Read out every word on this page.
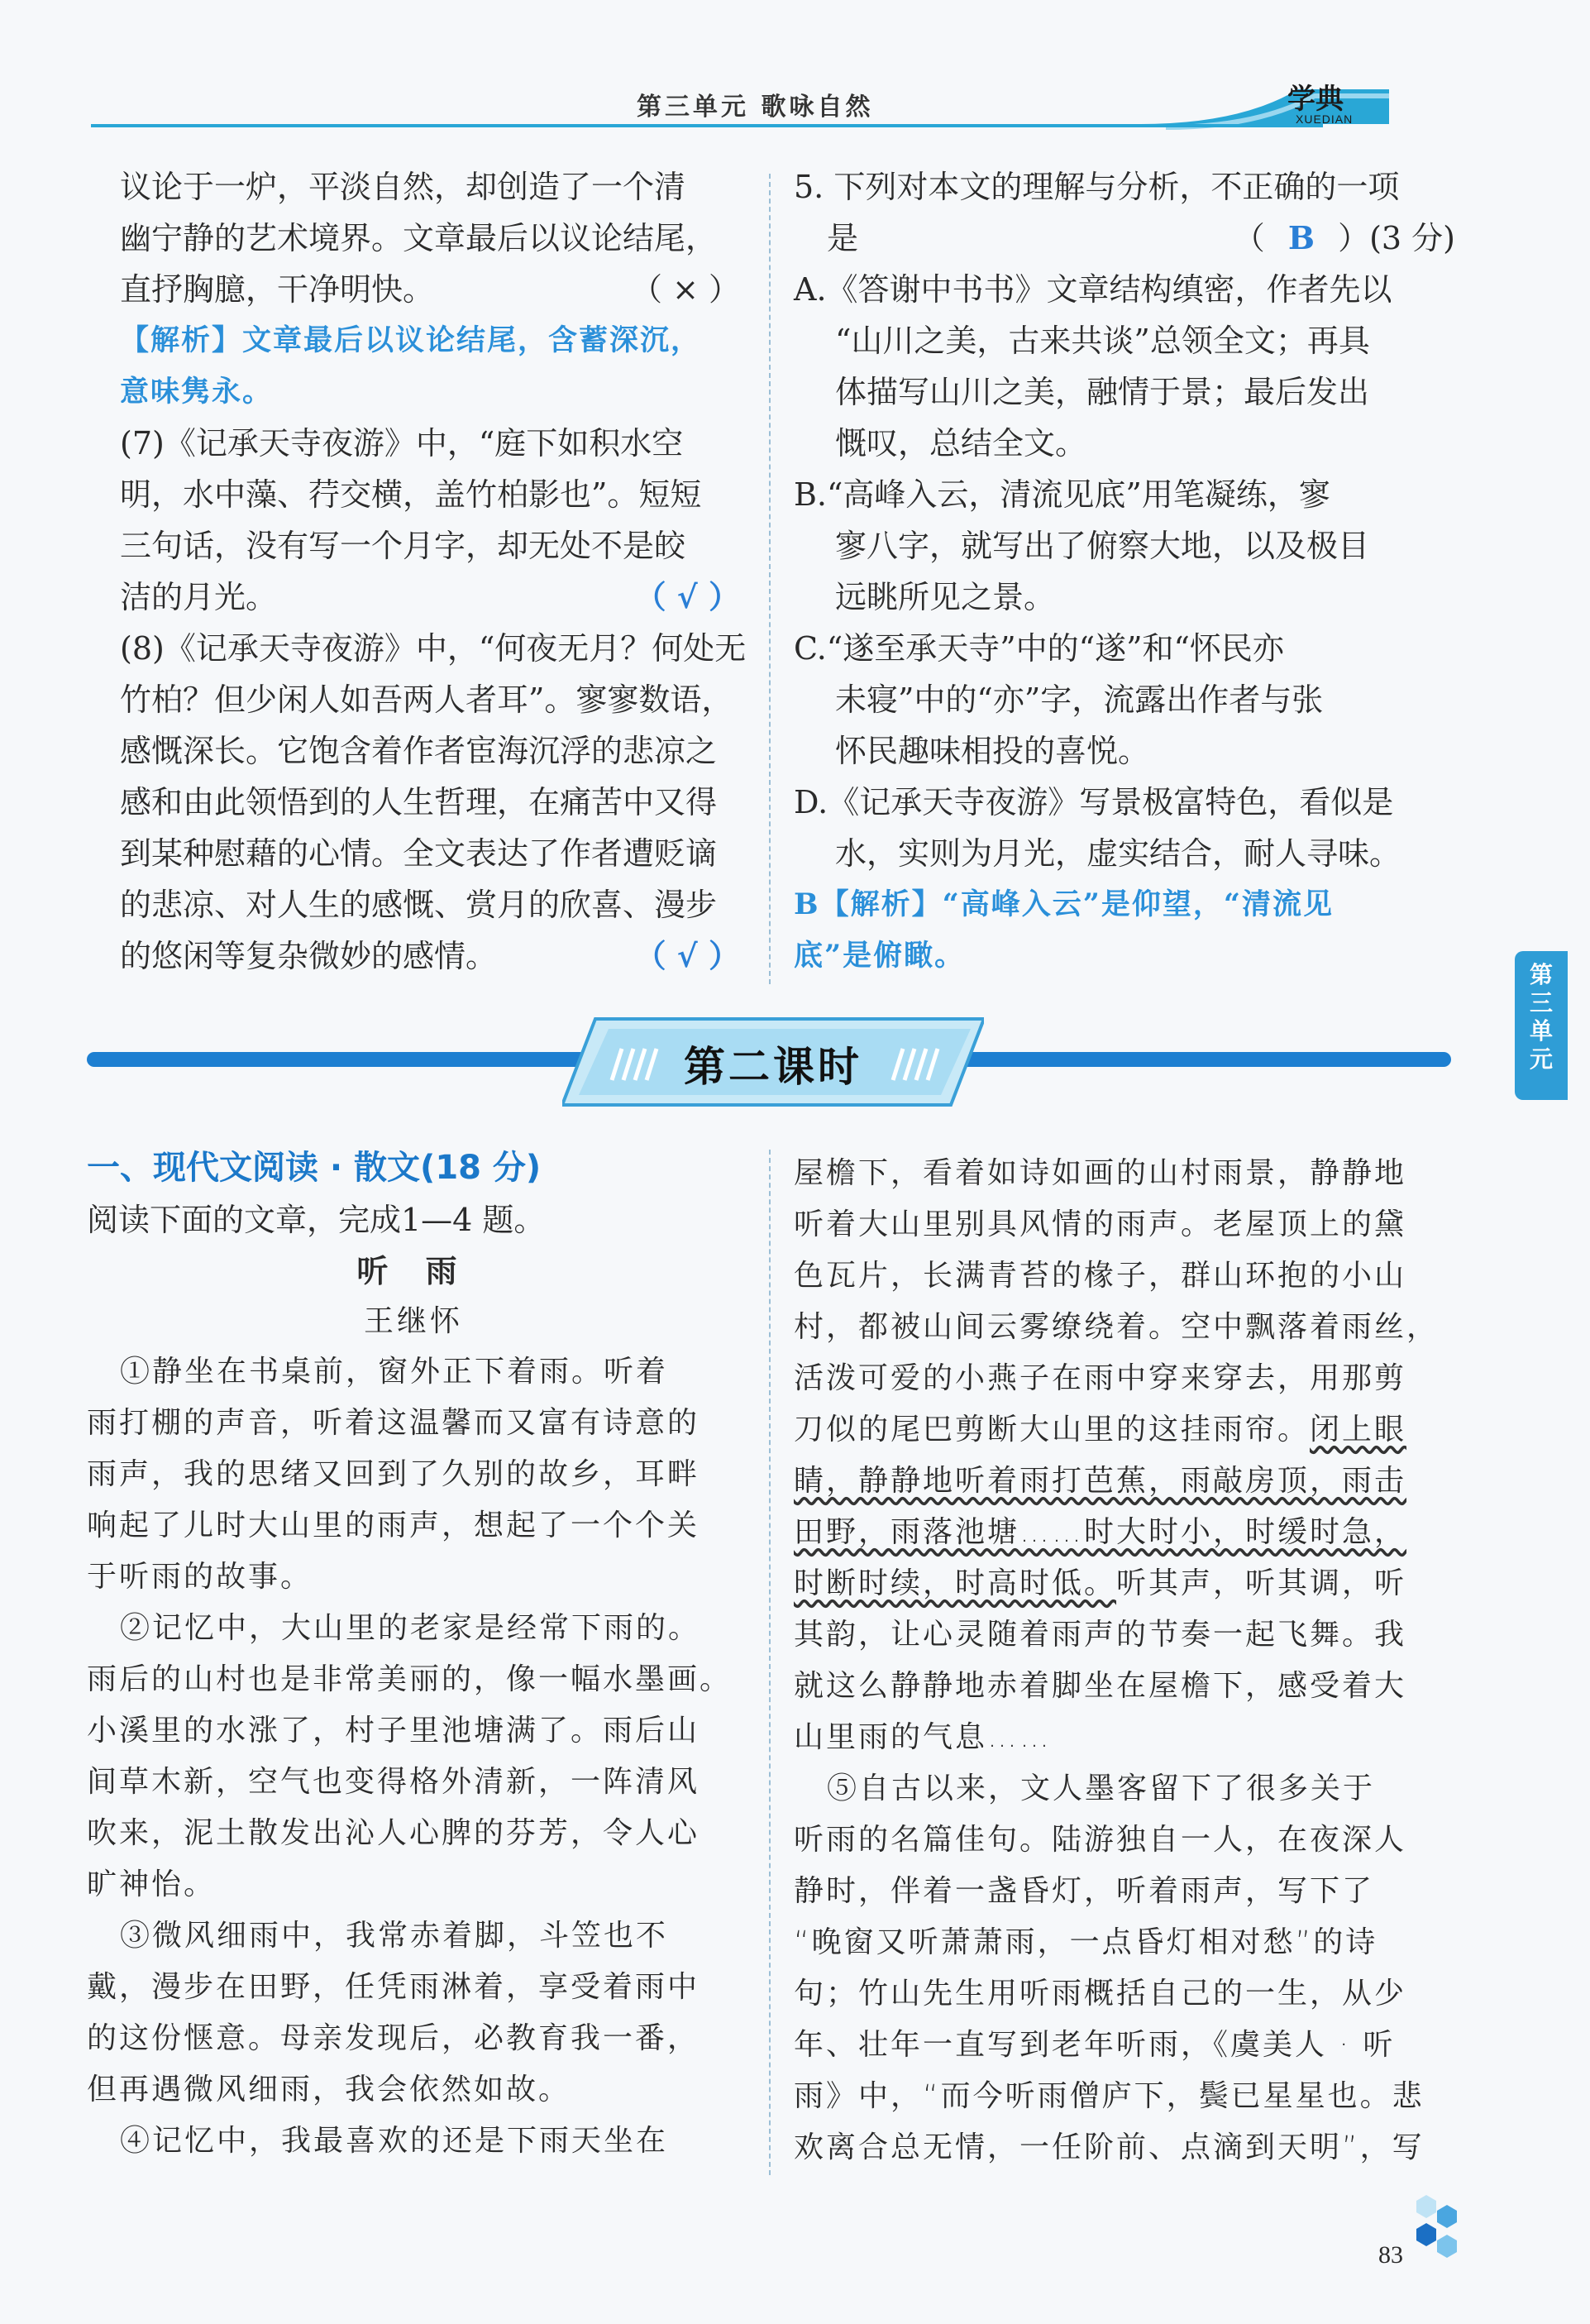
第三单元 歌咏自然	学典
XUEDIAN
议论于一炉，平淡自然，却创造了一个清
幽宁静的艺术境界。文章最后以议论结尾，
直抒胸臆，干净明快。	（ × ）
【解析】文章最后以议论结尾，含蓄深沉，
意味隽永。
(7)《记承天寺夜游》中，“庭下如积水空
明，水中藻、荇交横，盖竹柏影也”。短短
三句话，没有写一个月字，却无处不是皎
洁的月光。	（ √ ）
(8)《记承天寺夜游》中，“何夜无月？何处无
竹柏？但少闲人如吾两人者耳”。寥寥数语，
感慨深长。它饱含着作者宦海沉浮的悲凉之
感和由此领悟到的人生哲理，在痛苦中又得
到某种慰藉的心情。全文表达了作者遭贬谪
的悲凉、对人生的感慨、赏月的欣喜、漫步
的悠闲等复杂微妙的感情。	（ √ ）
5. 下列对本文的理解与分析，不正确的一项
是	（ B ）(3 分)
A.《答谢中书书》文章结构缜密，作者先以
“山川之美，古来共谈”总领全文；再具
体描写山川之美，融情于景；最后发出
慨叹，总结全文。
B.“高峰入云，清流见底”用笔凝练，寥
寥八字，就写出了俯察大地，以及极目
远眺所见之景。
C.“遂至承天寺”中的“遂”和“怀民亦
未寝”中的“亦”字，流露出作者与张
怀民趣味相投的喜悦。
D.《记承天寺夜游》写景极富特色，看似是
水，实则为月光，虚实结合，耐人寻味。
B【解析】“高峰入云”是仰望，“清流见
底”是俯瞰。
第三单元
第二课时
一、现代文阅读 · 散文(18 分)
阅读下面的文章，完成1—4 题。
听 雨
王继怀
①静坐在书桌前，窗外正下着雨。听着
雨打棚的声音，听着这温馨而又富有诗意的
雨声，我的思绪又回到了久别的故乡，耳畔
响起了儿时大山里的雨声，想起了一个个关
于听雨的故事。
②记忆中，大山里的老家是经常下雨的。
雨后的山村也是非常美丽的，像一幅水墨画。
小溪里的水涨了，村子里池塘满了。雨后山
间草木新，空气也变得格外清新，一阵清风
吹来，泥土散发出沁人心脾的芬芳，令人心
旷神怡。
③微风细雨中，我常赤着脚，斗笠也不
戴，漫步在田野，任凭雨淋着，享受着雨中
的这份惬意。母亲发现后，必教育我一番，
但再遇微风细雨，我会依然如故。
④记忆中，我最喜欢的还是下雨天坐在
屋檐下，看着如诗如画的山村雨景，静静地
听着大山里别具风情的雨声。老屋顶上的黛
色瓦片，长满青苔的椽子，群山环抱的小山
村，都被山间云雾缭绕着。空中飘落着雨丝，
活泼可爱的小燕子在雨中穿来穿去，用那剪
刀似的尾巴剪断大山里的这挂雨帘。闭上眼
睛，静静地听着雨打芭蕉，雨敲房顶，雨击
田野，雨落池塘……时大时小，时缓时急，
时断时续，时高时低。听其声，听其调，听
其韵，让心灵随着雨声的节奏一起飞舞。我
就这么静静地赤着脚坐在屋檐下，感受着大
山里雨的气息……
⑤自古以来，文人墨客留下了很多关于
听雨的名篇佳句。陆游独自一人，在夜深人
静时，伴着一盏昏灯，听着雨声，写下了
“晚窗又听萧萧雨，一点昏灯相对愁”的诗
句；竹山先生用听雨概括自己的一生，从少
年、壮年一直写到老年听雨，《虞美人 · 听
雨》中，“而今听雨僧庐下，鬓已星星也。悲
欢离合总无情，一任阶前、点滴到天明”，写
83
